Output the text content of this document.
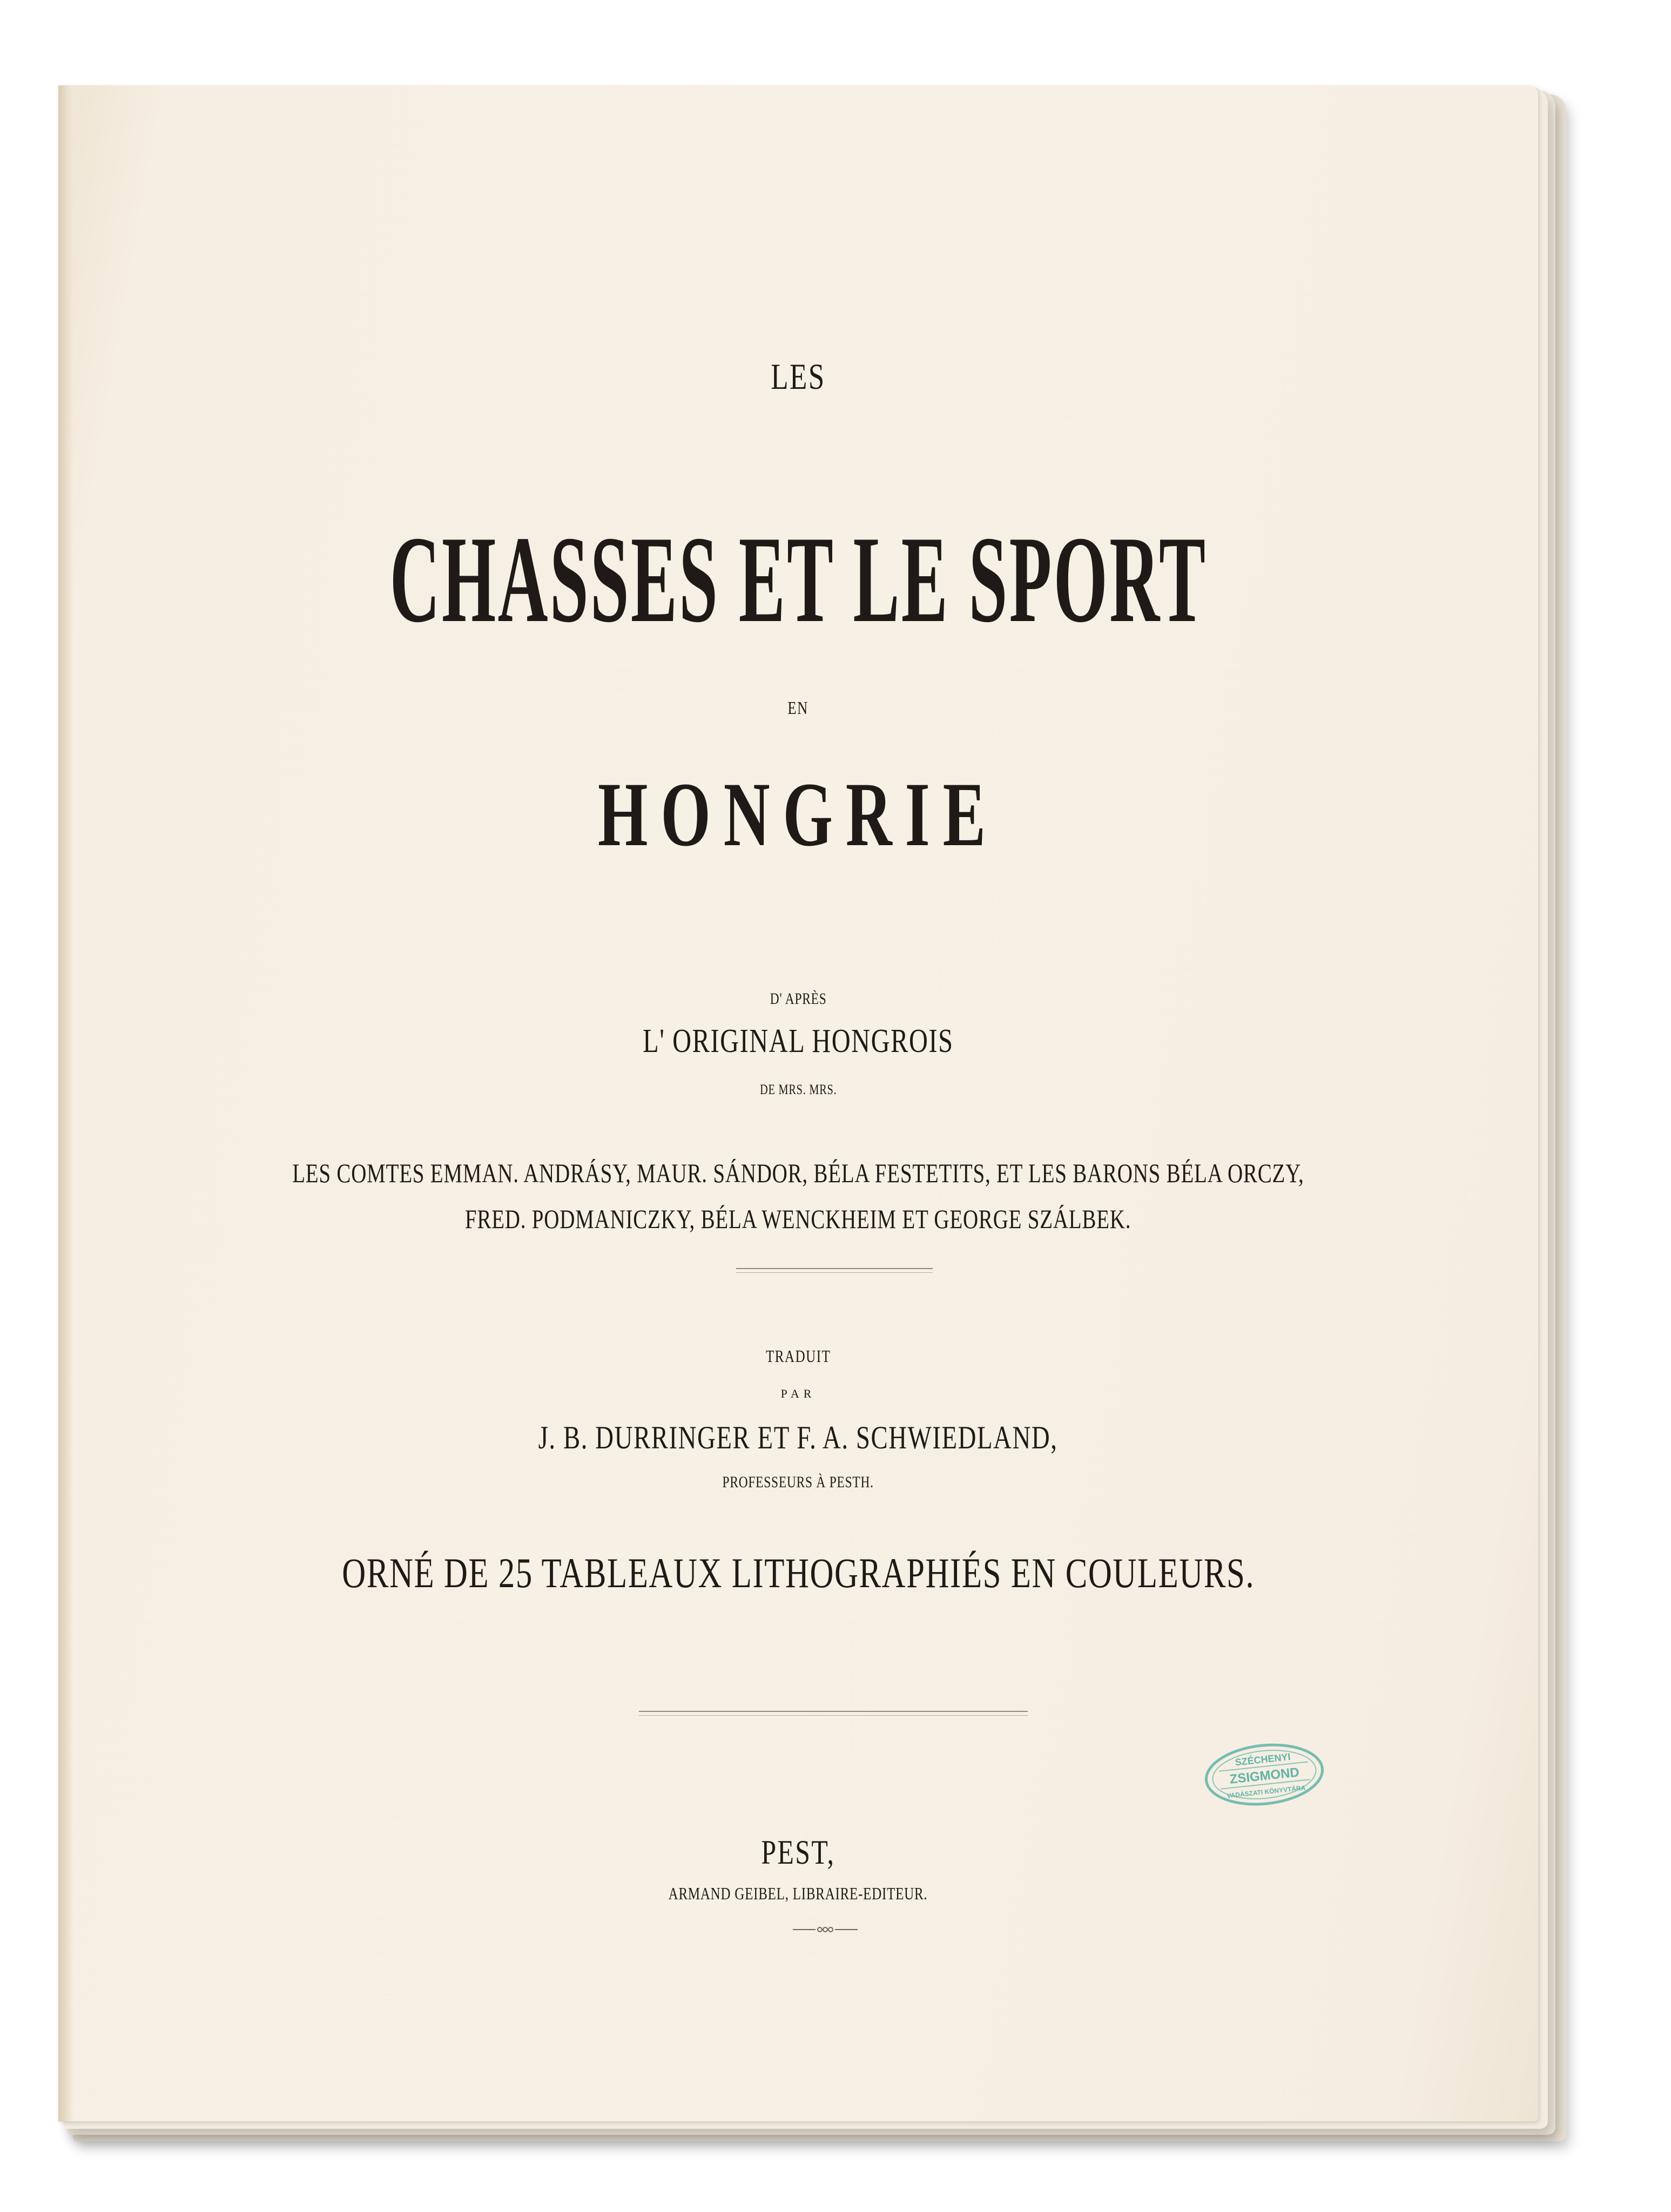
LES
CHASSES ET LE SPORT
EN
HONGRIE
D' APRÈS
L' ORIGINAL HONGROIS
DE MRS. MRS.
LES COMTES EMMAN. ANDRÁSY, MAUR. SÁNDOR, BÉLA FESTETITS, ET LES BARONS BÉLA ORCZY,
FRED. PODMANICZKY, BÉLA WENCKHEIM ET GEORGE SZÁLBEK.
TRADUIT
PAR
J. B. DURRINGER ET F. A. SCHWIEDLAND,
PROFESSEURS À PESTH.
ORNÉ DE 25 TABLEAUX LITHOGRAPHIÉS EN COULEURS.
SZÉCHENYI
ZSIGMOND
VADÁSZATI KÖNYVTÁRA
PEST,
ARMAND GEIBEL, LIBRAIRE-EDITEUR.
